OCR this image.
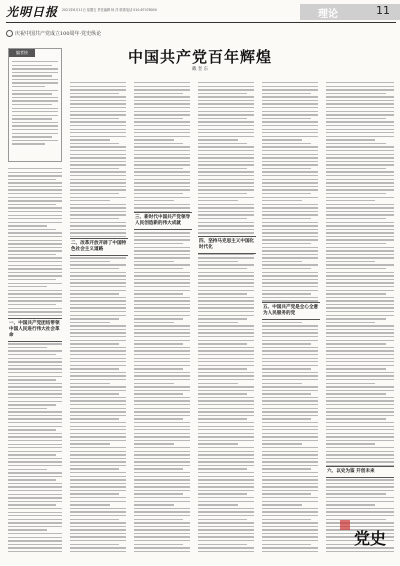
光明日报 2021年6月11日 星期五 责任编辑 杨 洋 联系电话 010-67078000	理论	11
庆祝中国共产党成立100周年·党史纵论
中国共产党百年辉煌
戴 奎 东
编者按
一、中国共产党团结带领中国人民进行伟大社会革命
二、改革开放开辟了中国特色社会主义道路
三、新时代中国共产党领导人民创造新的伟大成就
四、坚持马克思主义中国化时代化
五、中国共产党是全心全意为人民服务的党
六、以史为鉴 开创未来
党史
